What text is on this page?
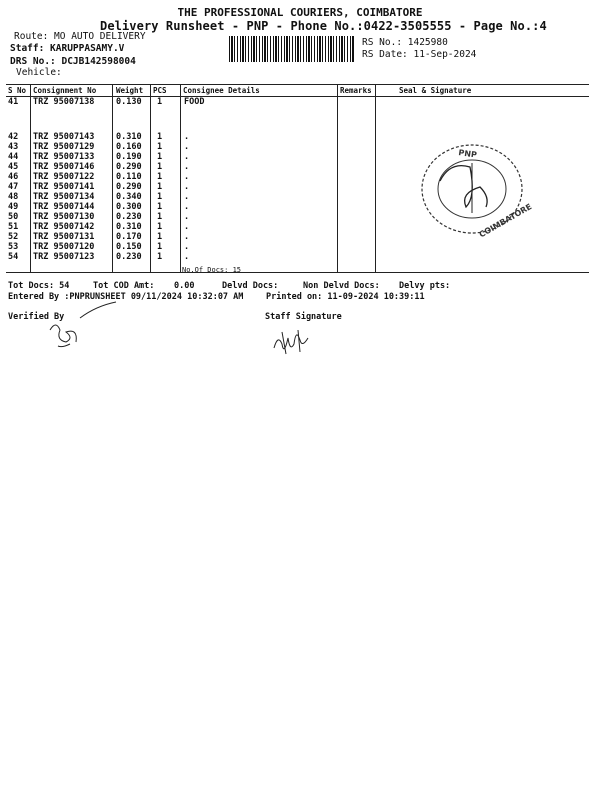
THE PROFESSIONAL COURIERS, COIMBATORE
Delivery Runsheet - PNP - Phone No.:0422-3505555 - Page No.:4
Route: MO AUTO DELIVERY
Staff: KARUPPASAMY.V
DRS No.: DCJB142598004
Vehicle:
RS No.: 1425980
RS Date: 11-Sep-2024
S No Consignment No	Weight PCS Consignee Details	Remarks	Seal & Signature
41 TRZ 95007138	0.130 1	FOOD
42 TRZ 95007143	0.310 1	.
43 TRZ 95007129	0.160 1	.
44 TRZ 95007133	0.190 1	.
45 TRZ 95007146	0.290 1	.
46 TRZ 95007122	0.110 1	.
47 TRZ 95007141	0.290 1	.
48 TRZ 95007134	0.340 1	.
49 TRZ 95007144	0.300 1	.
50 TRZ 95007130	0.230 1	.
51 TRZ 95007142	0.310 1	.
52 TRZ 95007131	0.170 1	.
53 TRZ 95007120	0.150 1	.
54 TRZ 95007123	0.230 1	.
No.Of Docs: 15
PNP
COIMBATORE
Tot Docs: 54	Tot COD Amt: 0.00	Delvd Docs:	Non Delvd Docs: Delvy pts:
Entered By :PNPRUNSHEET 09/11/2024 10:32:07 AM	Printed on: 11-09-2024 10:39:11
Verified By	Staff Signature
